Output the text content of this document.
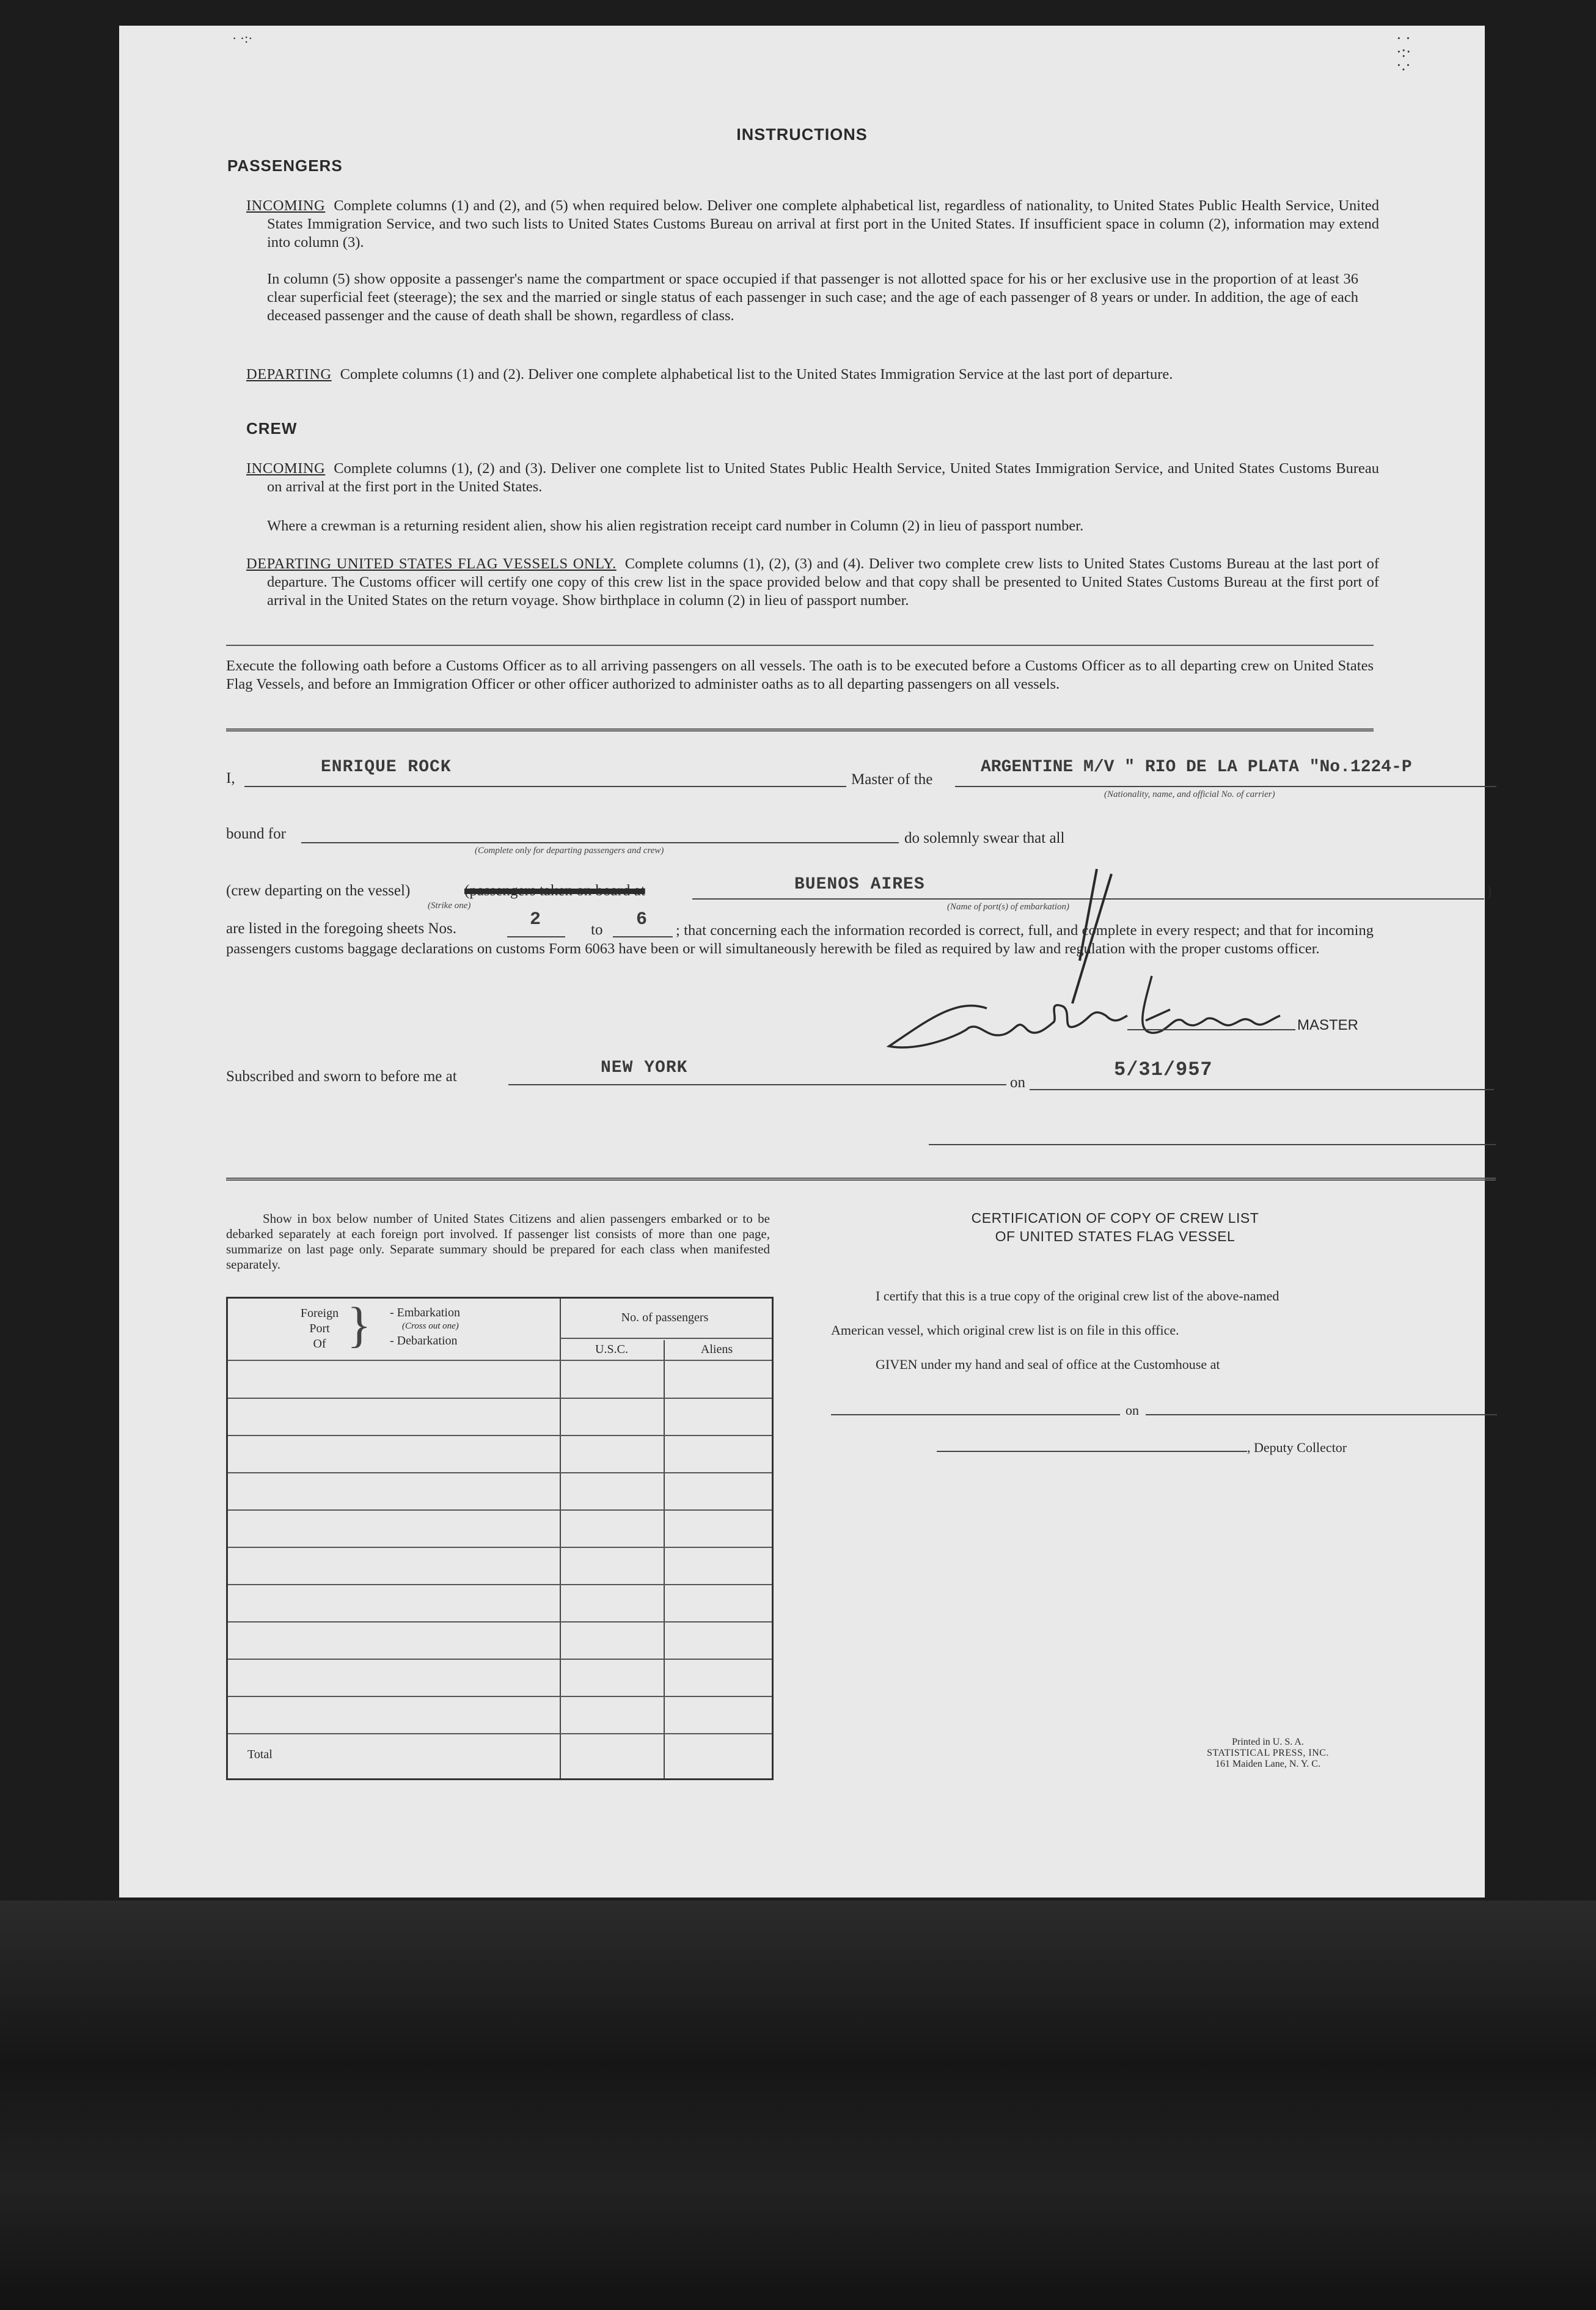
· ·:·	· ·
·:·
·.·
INSTRUCTIONS
PASSENGERS
INCOMING Complete columns (1) and (2), and (5) when required below. Deliver one complete alphabetical list, regardless of nationality, to United States Public Health Service, United States Immigration Service, and two such lists to United States Customs Bureau on arrival at first port in the United States. If insufficient space in column (2), information may extend into column (3).
In column (5) show opposite a passenger's name the compartment or space occupied if that passenger is not allotted space for his or her exclusive use in the proportion of at least 36 clear superficial feet (steerage); the sex and the married or single status of each passenger in such case; and the age of each passenger of 8 years or under. In addition, the age of each deceased passenger and the cause of death shall be shown, regardless of class.
DEPARTING Complete columns (1) and (2). Deliver one complete alphabetical list to the United States Immigration Service at the last port of departure.
CREW
INCOMING Complete columns (1), (2) and (3). Deliver one complete list to United States Public Health Service, United States Immigration Service, and United States Customs Bureau on arrival at the first port in the United States.
Where a crewman is a returning resident alien, show his alien registration receipt card number in Column (2) in lieu of passport number.
DEPARTING UNITED STATES FLAG VESSELS ONLY. Complete columns (1), (2), (3) and (4). Deliver two complete crew lists to United States Customs Bureau at the last port of departure. The Customs officer will certify one copy of this crew list in the space provided below and that copy shall be presented to United States Customs Bureau at the first port of arrival in the United States on the return voyage. Show birthplace in column (2) in lieu of passport number.
Execute the following oath before a Customs Officer as to all arriving passengers on all vessels. The oath is to be executed before a Customs Officer as to all departing crew on United States Flag Vessels, and before an Immigration Officer or other officer authorized to administer oaths as to all departing passengers on all vessels.
I,
ENRIQUE ROCK
Master of the
ARGENTINE M/V " RIO DE LA PLATA "No.1224-P
(Nationality, name, and official No. of carrier)
bound for
(Complete only for departing passengers and crew)
do solemnly swear that all
(crew departing on the vessel)	(passengers taken on board at
(Strike one)
BUENOS AIRES
(Name of port(s) of embarkation)
)
are listed in the foregoing sheets Nos.	2	to 6
; that concerning each the information recorded is correct, full, and complete in every respect; and that for incoming passengers customs baggage declarations on customs Form 6063 have been or will simultaneously herewith be filed as required by law and regulation with the proper customs officer.
MASTER
Subscribed and sworn to before me at	NEW YORK
on
5/31/957
Show in box below number of United States Citizens and alien passengers embarked or to be debarked separately at each foreign port involved. If passenger list consists of more than one page, summarize on last page only. Separate summary should be prepared for each class when manifested separately.
Foreign
Port
Of } - Embarkation
(Cross out one)
- Debarkation
No. of passengers
U.S.C.	Aliens
Total
CERTIFICATION OF COPY OF CREW LIST
OF UNITED STATES FLAG VESSEL
I certify that this is a true copy of the original crew list of the above-named
American vessel, which original crew list is on file in this office.
GIVEN under my hand and seal of office at the Customhouse at
on
, Deputy Collector
Printed in U. S. A.
STATISTICAL PRESS, INC.
161 Maiden Lane, N. Y. C.
